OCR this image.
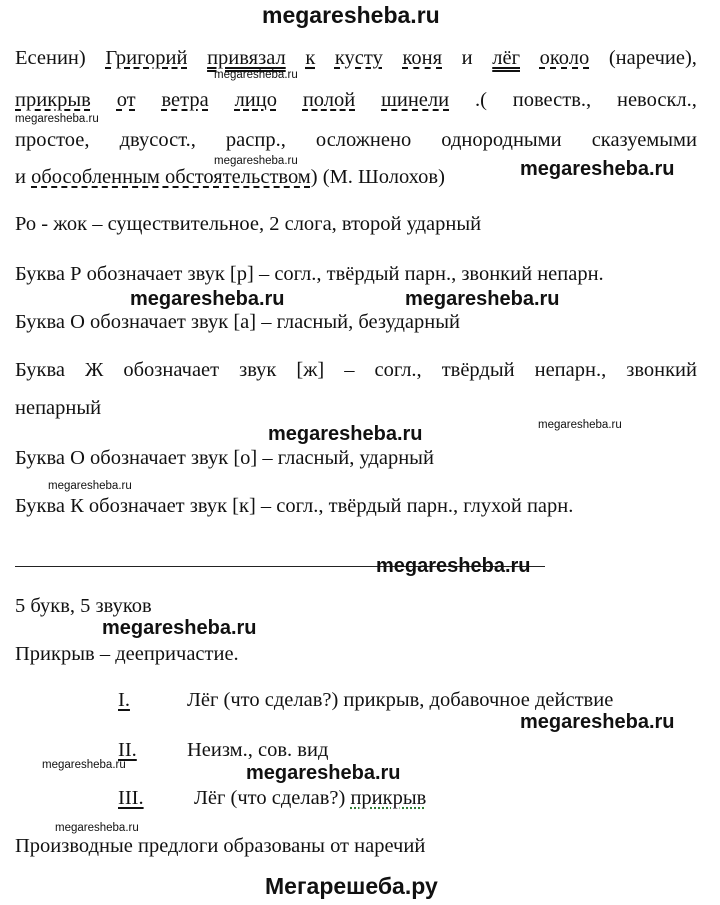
megaresheba.ru
Есенин) Григорий привязал к кусту коня и лёг около (наречие),
megaresheba.ru
прикрыв от ветра лицо полой шинели .( повеств., невоскл.,
megaresheba.ru
простое, двусост., распр., осложнено однородными сказуемыми
megaresheba.ru	megaresheba.ru
и обособленным обстоятельством) (М. Шолохов)
Ро - жок – существительное, 2 слога, второй ударный
Буква Р обозначает звук [р] – согл., твёрдый парн., звонкий непарн.
megaresheba.ru	megaresheba.ru
Буква О обозначает звук [а] – гласный, безударный
Буква Ж обозначает звук [ж] – согл., твёрдый непарн., звонкий
непарный
megaresheba.ru
megaresheba.ru
Буква О обозначает звук [о] – гласный, ударный
megaresheba.ru
Буква К обозначает звук [к] – согл., твёрдый парн., глухой парн.
megaresheba.ru
5 букв, 5 звуков
megaresheba.ru
Прикрыв – деепричастие.
I.	Лёг (что сделав?) прикрыв, добавочное действие
megaresheba.ru
II. Неизм., сов. вид
megaresheba.ru	megaresheba.ru
III. Лёг (что сделав?) прикрыв
megaresheba.ru
Производные предлоги образованы от наречий
Мегарешеба.ру
